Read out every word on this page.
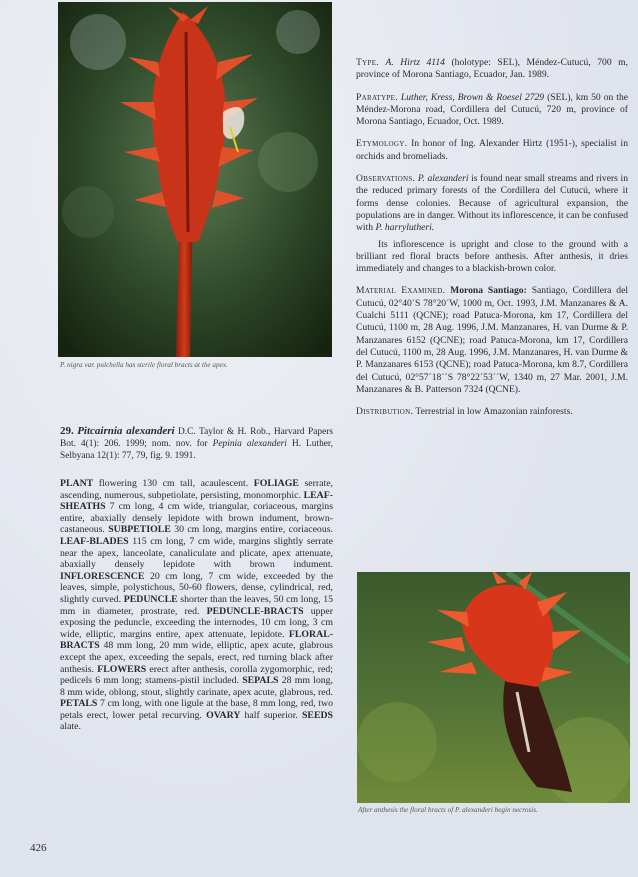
P. nigra var. pulchella has sterile floral bracts at the apex.

Type. A. Hirtz 4114 (holotype: SEL), Méndez-Cutucú, 700 m, province of Morona Santiago, Ecuador, Jan. 1989.

Paratype. Luther, Kress, Brown & Roesel 2729 (SEL), km 50 on the Méndez-Morona road, Cordillera del Cutucú, 720 m, province of Morona Santiago, Ecuador, Oct. 1989.

Etymology. In honor of Ing. Alexander Hirtz (1951-), specialist in orchids and bromeliads.

Observations. P. alexanderi is found near small streams and rivers in the reduced primary forests of the Cordillera del Cutucú, where it forms dense colonies. Because of agricultural expansion, the populations are in danger. Without its inflorescence, it can be confused with P. harrylutheri.

Its inflorescence is upright and close to the ground with a brilliant red floral bracts before anthesis. After anthesis, it dries immediately and changes to a blackish-brown color.

Material Examined. Morona Santiago: Santiago, Cordillera del Cutucú, 02°40´S 78°20´W, 1000 m, Oct. 1993, J.M. Manzanares & A. Cualchi 5111 (QCNE); road Patuca-Morona, km 17, Cordillera del Cutucú, 1100 m, 28 Aug. 1996, J.M. Manzanares, H. van Durme & P. Manzanares 6152 (QCNE); road Patuca-Morona, km 17, Cordillera del Cutucú, 1100 m, 28 Aug. 1996, J.M. Manzanares, H. van Durme & P. Manzanares 6153 (QCNE); road Patuca-Morona, km 8.7, Cordillera del Cutucú, 02°57´18´´S 78°22´53´´W, 1340 m, 27 Mar. 2001, J.M. Manzanares & B. Patterson 7324 (QCNE).

Distribution. Terrestrial in low Amazonian rainforests.

29. Pitcairnia alexanderi D.C. Taylor & H. Rob., Harvard Papers Bot. 4(1): 206. 1999; nom. nov. for Pepinia alexanderi H. Luther, Selbyana 12(1): 77, 79, fig. 9. 1991.
PLANT flowering 130 cm tall, acaulescent. FOLIAGE serrate, ascending, numerous, subpetiolate, persisting, monomorphic. LEAF-SHEATHS 7 cm long, 4 cm wide, triangular, coriaceous, margins entire, abaxially densely lepidote with brown indument, brown-castaneous. SUBPETIOLE 30 cm long, margins entire, coriaceous. LEAF-BLADES 115 cm long, 7 cm wide, margins slightly serrate near the apex, lanceolate, canaliculate and plicate, apex attenuate, abaxially densely lepidote with brown indument. INFLORESCENCE 20 cm long, 7 cm wide, exceeded by the leaves, simple, polystichous, 50-60 flowers, dense, cylindrical, red, slightly curved. PEDUNCLE shorter than the leaves, 50 cm long, 15 mm in diameter, prostrate, red. PEDUNCLE-BRACTS upper exposing the peduncle, exceeding the internodes, 10 cm long, 3 cm wide, elliptic, margins entire, apex attenuate, lepidote. FLORAL-BRACTS 48 mm long, 20 mm wide, elliptic, apex acute, glabrous except the apex, exceeding the sepals, erect, red turning black after anthesis. FLOWERS erect after anthesis, corolla zygomorphic, red; pedicels 6 mm long; stamens-pistil included. SEPALS 28 mm long, 8 mm wide, oblong, stout, slightly carinate, apex acute, glabrous, red. PETALS 7 cm long, with one ligule at the base, 8 mm long, red, two petals erect, lower petal recurving. OVARY half superior. SEEDS alate.
After anthesis the floral bracts of P. alexanderi begin necrosis.
426
